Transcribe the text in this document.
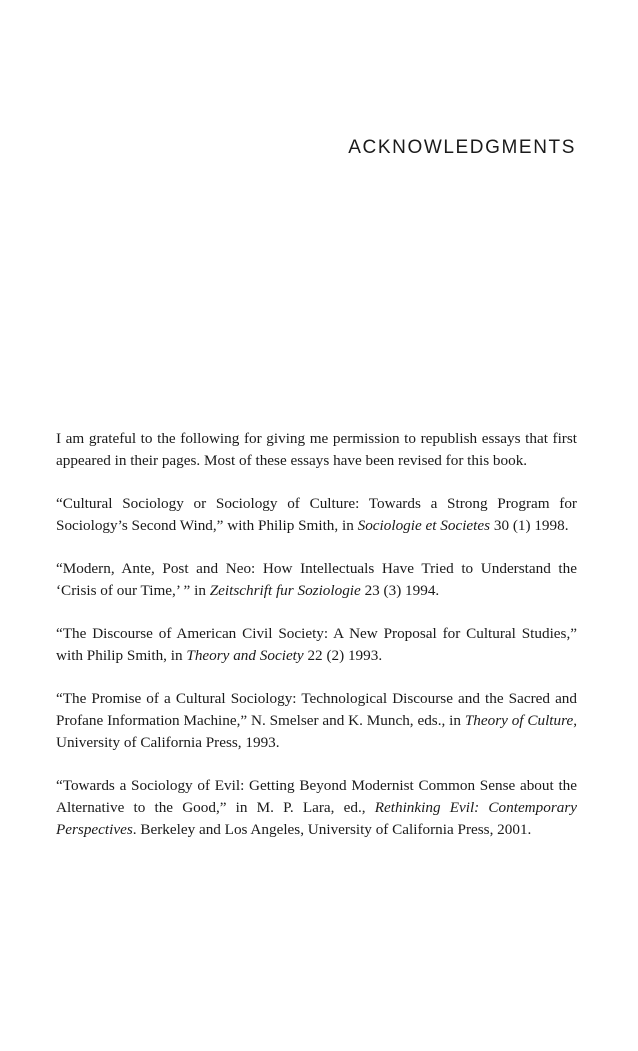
ACKNOWLEDGMENTS

I am grateful to the following for giving me permission to republish essays that first appeared in their pages. Most of these essays have been revised for this book.

“Cultural Sociology or Sociology of Culture: Towards a Strong Program for Sociology’s Second Wind,” with Philip Smith, in Sociologie et Societes 30 (1) 1998.

“Modern, Ante, Post and Neo: How Intellectuals Have Tried to Understand the ‘Crisis of our Time,’ ” in Zeitschrift fur Soziologie 23 (3) 1994.

“The Discourse of American Civil Society: A New Proposal for Cultural Studies,” with Philip Smith, in Theory and Society 22 (2) 1993.

“The Promise of a Cultural Sociology: Technological Discourse and the Sacred and Profane Information Machine,” N. Smelser and K. Munch, eds., in Theory of Culture, University of California Press, 1993.

“Towards a Sociology of Evil: Getting Beyond Modernist Common Sense about the Alternative to the Good,” in M. P. Lara, ed., Rethinking Evil: Contemporary Perspectives. Berkeley and Los Angeles, University of California Press, 2001.
